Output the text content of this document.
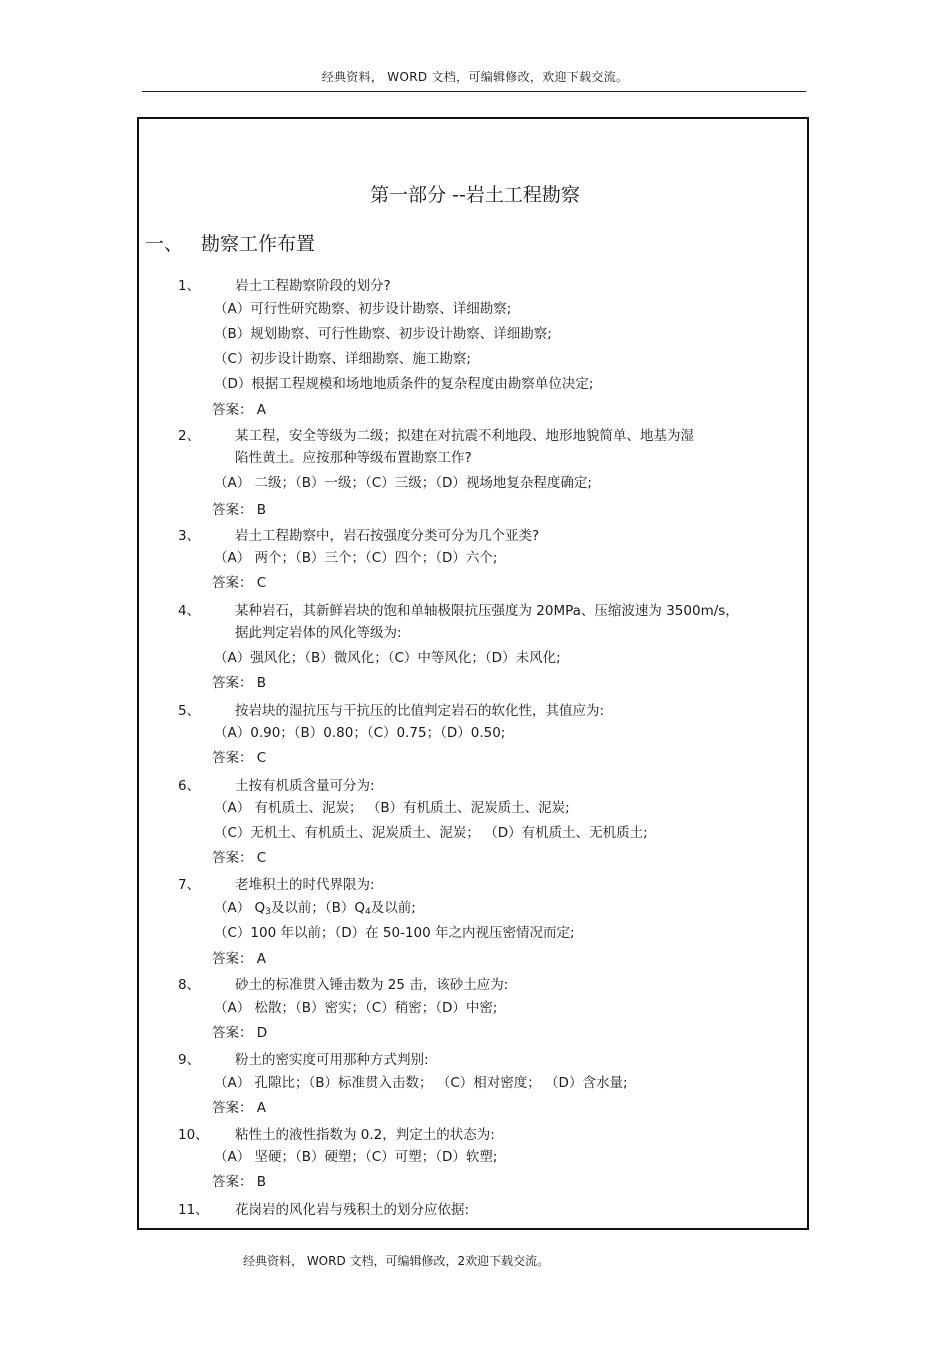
经典资料， WORD 文档，可编辑修改，欢迎下载交流。
第一部分 --岩土工程勘察
一、 勘察工作布置
1、	岩土工程勘察阶段的划分?
（A）可行性研究勘察、初步设计勘察、详细勘察;
（B）规划勘察、可行性勘察、初步设计勘察、详细勘察;
（C）初步设计勘察、详细勘察、施工勘察;
（D）根据工程规模和场地地质条件的复杂程度由勘察单位决定;
答案： A
2、	某工程，安全等级为二级；拟建在对抗震不利地段、地形地貌简单、地基为湿
陷性黄土。应按那种等级布置勘察工作?
（A） 二级；（B）一级；（C）三级；（D）视场地复杂程度确定;
答案： B
3、	岩土工程勘察中，岩石按强度分类可分为几个亚类?
（A） 两个；（B）三个；（C）四个；（D）六个;
答案： C
4、	某种岩石，其新鲜岩块的饱和单轴极限抗压强度为 20MPa、压缩波速为 3500m/s，
据此判定岩体的风化等级为:
（A）强风化；（B）微风化；（C）中等风化；（D）未风化;
答案： B
5、	按岩块的湿抗压与干抗压的比值判定岩石的软化性，其值应为:
（A）0.90；（B）0.80；（C）0.75；（D）0.50;
答案： C
6、	土按有机质含量可分为:
（A） 有机质土、泥炭； （B）有机质土、泥炭质土、泥炭;
（C）无机土、有机质土、泥炭质土、泥炭； （D）有机质土、无机质土;
答案： C
7、	老堆积土的时代界限为:
（A） $Q_3$及以前；$(B)Q_4$及以前;
（C）100 年以前；（D）在 50-100 年之内视压密情况而定;
答案： A
8、	砂土的标准贯入锤击数为 25 击，该砂土应为:
（A） 松散；（B）密实；（C）稍密；（D）中密;
答案： D
9、	粉土的密实度可用那种方式判别:
（A） 孔隙比；（B）标准贯入击数； （C）相对密度； （D）含水量;
答案： A
10、 粘性土的液性指数为 0.2，判定土的状态为:
（A） 坚硬；（B）硬塑；（C）可塑；（D）软塑;
答案： B
11、 花岗岩的风化岩与残积土的划分应依据:
经典资料， WORD 文档，可编辑修改，2欢迎下载交流。
